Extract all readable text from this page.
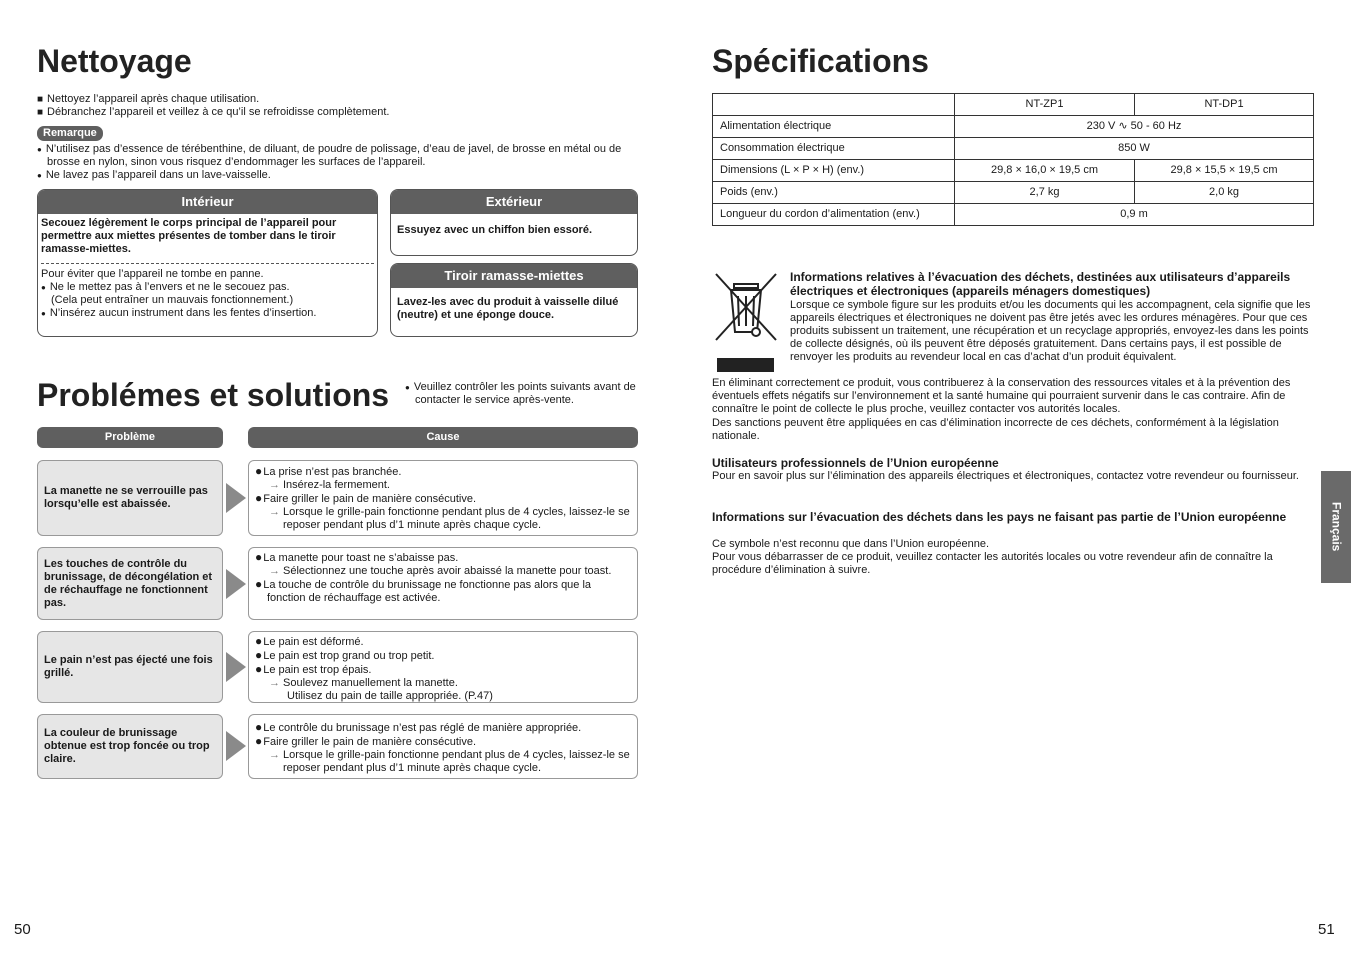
Nettoyage
■ Nettoyez l’appareil après chaque utilisation.
■ Débranchez l’appareil et veillez à ce qu’il se refroidisse complètement.
Remarque
● N’utilisez pas d’essence de térébenthine, de diluant, de poudre de polissage, d’eau de javel, de brosse en métal ou de brosse en nylon, sinon vous risquez d’endommager les surfaces de l’appareil.
● Ne lavez pas l’appareil dans un lave-vaisselle.
Intérieur
Secouez légèrement le corps principal de l’appareil pour permettre aux miettes présentes de tomber dans le tiroir ramasse-miettes.
Pour éviter que l’appareil ne tombe en panne.
● Ne le mettez pas à l’envers et ne le secouez pas.
(Cela peut entraîner un mauvais fonctionnement.)
● N’insérez aucun instrument dans les fentes d’insertion.
Extérieur
Essuyez avec un chiffon bien essoré.
Tiroir ramasse-miettes
Lavez-les avec du produit à vaisselle dilué (neutre) et une éponge douce.
Problémes et solutions	● Veuillez contrôler les points suivants avant de contacter le service après-vente.
Problème	Cause
La manette ne se verrouille pas lorsqu’elle est abaissée.
● La prise n’est pas branchée.
→ Insérez-la fermement.
● Faire griller le pain de manière consécutive.
→ Lorsque le grille-pain fonctionne pendant plus de 4 cycles, laissez-le se reposer pendant plus d’1 minute après chaque cycle.
Les touches de contrôle du brunissage, de décongélation et de réchauffage ne fonctionnent pas.
● La manette pour toast ne s’abaisse pas.
→ Sélectionnez une touche après avoir abaissé la manette pour toast.
● La touche de contrôle du brunissage ne fonctionne pas alors que la fonction de réchauffage est activée.
Le pain n’est pas éjecté une fois grillé.
● Le pain est déformé.
● Le pain est trop grand ou trop petit.
● Le pain est trop épais.
→ Soulevez manuellement la manette.
Utilisez du pain de taille appropriée. (P.47)
La couleur de brunissage obtenue est trop foncée ou trop claire.
● Le contrôle du brunissage n’est pas réglé de manière appropriée.
● Faire griller le pain de manière consécutive.
→ Lorsque le grille-pain fonctionne pendant plus de 4 cycles, laissez-le se reposer pendant plus d’1 minute après chaque cycle.
50
Spécifications
	NT-ZP1	NT-DP1
Alimentation électrique	230 V ∿ 50 - 60 Hz	
Consommation électrique	850 W	
Dimensions (L × P × H) (env.)	29,8 × 16,0 × 19,5 cm	29,8 × 15,5 × 19,5 cm
Poids (env.)	2,7 kg	2,0 kg
Longueur du cordon d’alimentation (env.)	0,9 m	
Informations relatives à l’évacuation des déchets, destinées aux utilisateurs d’appareils électriques et électroniques (appareils ménagers domestiques)
Lorsque ce symbole figure sur les produits et/ou les documents qui les accompagnent, cela signifie que les appareils électriques et électroniques ne doivent pas être jetés avec les ordures ménagères. Pour que ces produits subissent un traitement, une récupération et un recyclage appropriés, envoyez-les dans les points de collecte désignés, où ils peuvent être déposés gratuitement. Dans certains pays, il est possible de renvoyer les produits au revendeur local en cas d’achat d’un produit équivalent.
En éliminant correctement ce produit, vous contribuerez à la conservation des ressources vitales et à la prévention des éventuels effets négatifs sur l’environnement et la santé humaine qui pourraient survenir dans le cas contraire. Afin de connaître le point de collecte le plus proche, veuillez contacter vos autorités locales.
Des sanctions peuvent être appliquées en cas d’élimination incorrecte de ces déchets, conformément à la législation nationale.
Utilisateurs professionnels de l’Union européenne
Pour en savoir plus sur l’élimination des appareils électriques et électroniques, contactez votre revendeur ou fournisseur.
Informations sur l’évacuation des déchets dans les pays ne faisant pas partie de l’Union européenne
Ce symbole n’est reconnu que dans l’Union européenne.
Pour vous débarrasser de ce produit, veuillez contacter les autorités locales ou votre revendeur afin de connaître la procédure d’élimination à suivre.
Français
51
